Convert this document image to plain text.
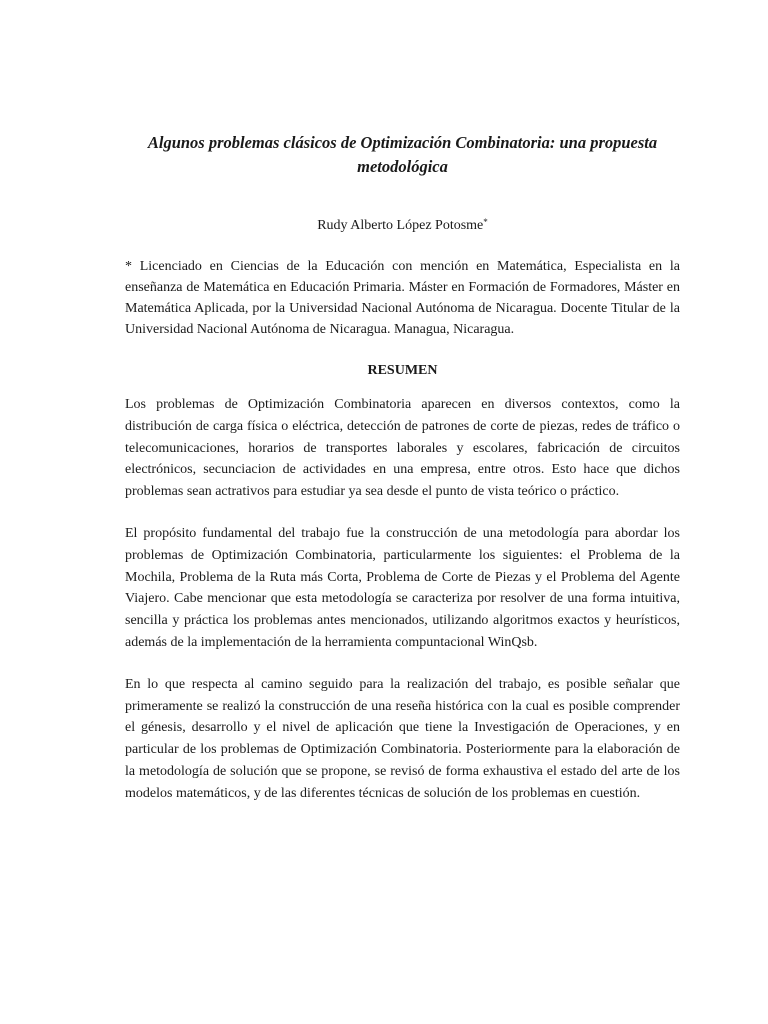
Algunos problemas clásicos de Optimización Combinatoria: una propuesta metodológica

Rudy Alberto López Potosme*

* Licenciado en Ciencias de la Educación con mención en Matemática, Especialista en la enseñanza de Matemática en Educación Primaria. Máster en Formación de Formadores, Máster en Matemática Aplicada, por la Universidad Nacional Autónoma de Nicaragua. Docente Titular de la Universidad Nacional Autónoma de Nicaragua. Managua, Nicaragua.

RESUMEN

Los problemas de Optimización Combinatoria aparecen en diversos contextos, como la distribución de carga física o eléctrica, detección de patrones de corte de piezas, redes de tráfico o telecomunicaciones, horarios de transportes laborales y escolares, fabricación de circuitos electrónicos, secunciacion de actividades en una empresa, entre otros. Esto hace que dichos problemas sean actrativos para estudiar ya sea desde el punto de vista teórico o práctico.

El propósito fundamental del trabajo fue la construcción de una metodología para abordar los problemas de Optimización Combinatoria, particularmente los siguientes: el Problema de la Mochila, Problema de la Ruta más Corta, Problema de Corte de Piezas y el Problema del Agente Viajero. Cabe mencionar que esta metodología se caracteriza por resolver de una forma intuitiva, sencilla y práctica los problemas antes mencionados, utilizando algoritmos exactos y heurísticos, además de la implementación de la herramienta compuntacional WinQsb.

En lo que respecta al camino seguido para la realización del trabajo, es posible señalar que primeramente se realizó la construcción de una reseña histórica con la cual es posible comprender el génesis, desarrollo y el nivel de aplicación que tiene la Investigación de Operaciones, y en particular de los problemas de Optimización Combinatoria. Posteriormente para la elaboración de la metodología de solución que se propone, se revisó de forma exhaustiva el estado del arte de los modelos matemáticos, y de las diferentes técnicas de solución de los problemas en cuestión.
